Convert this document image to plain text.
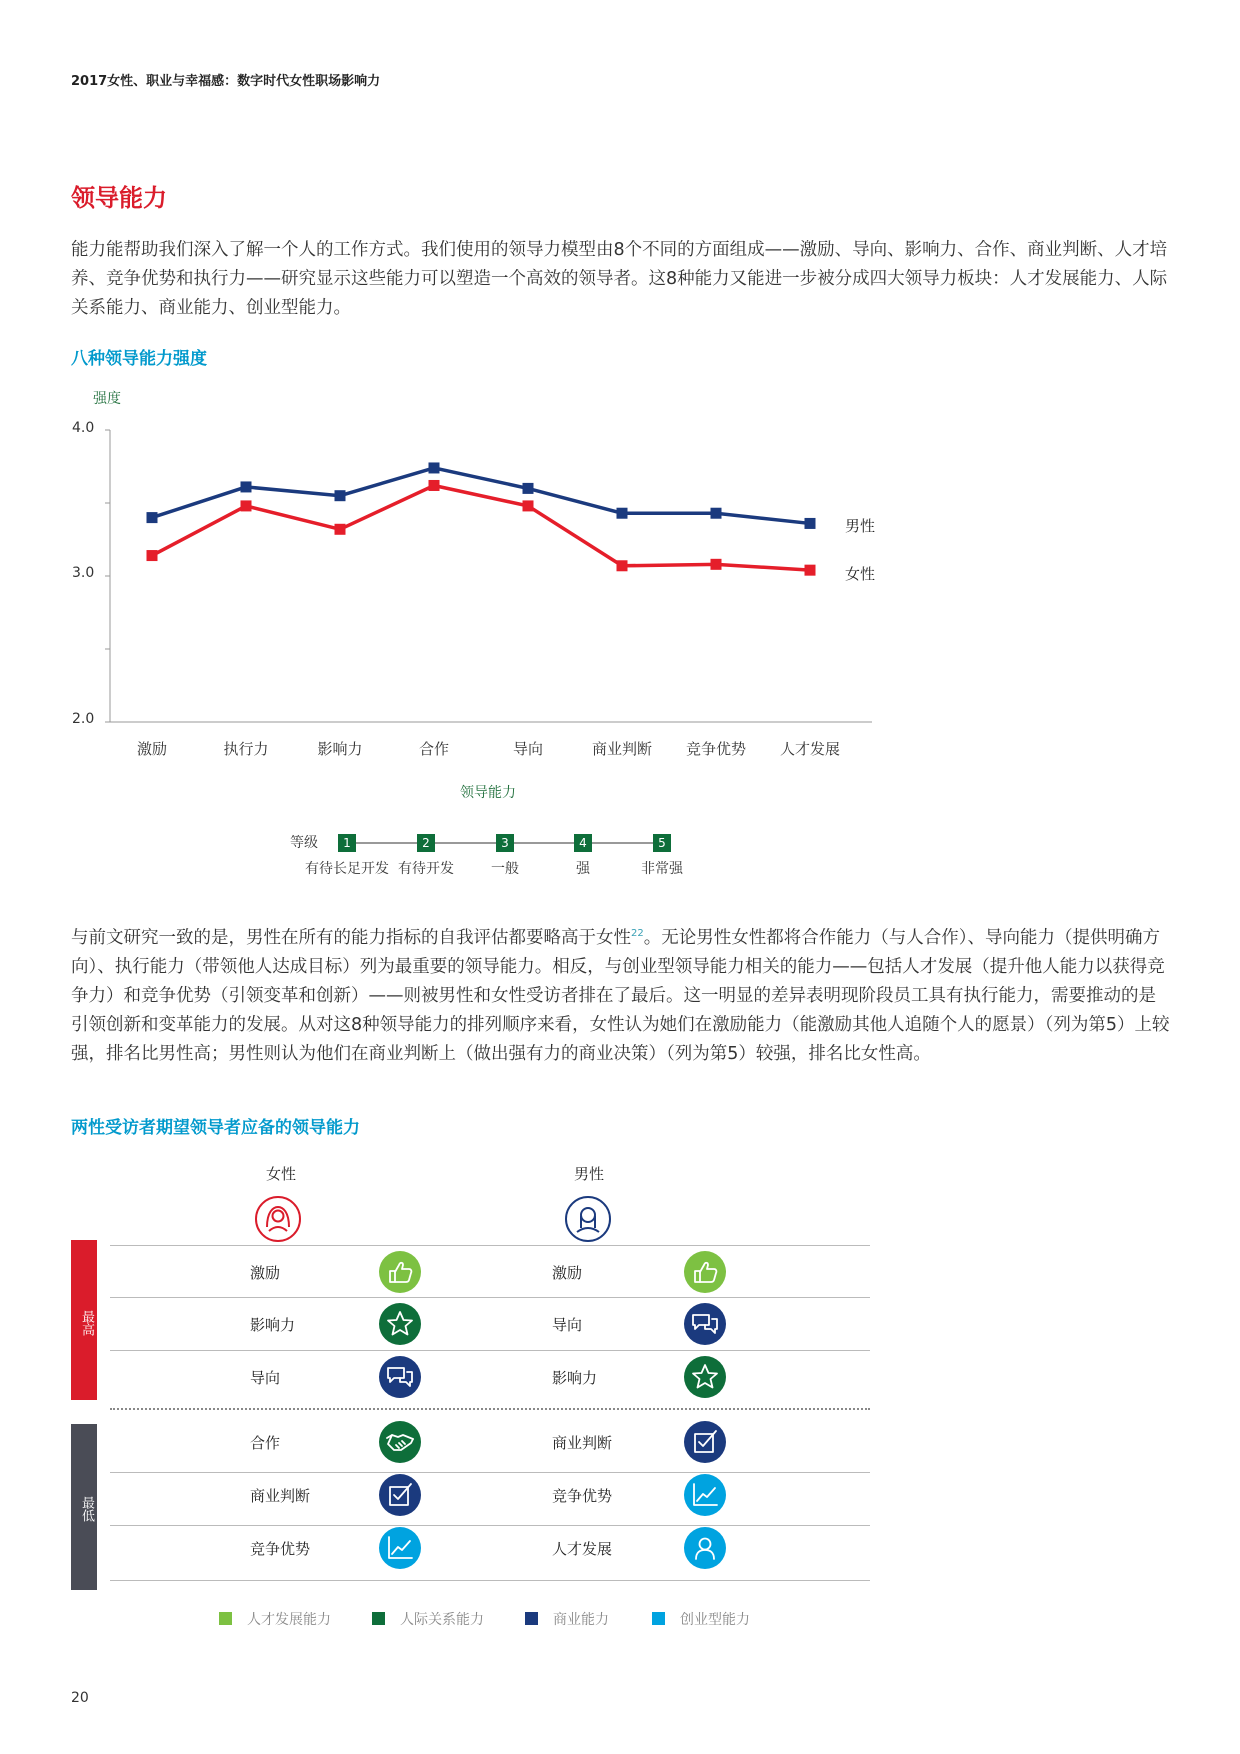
2017女性、职业与幸福感：数字时代女性职场影响力
领导能力
能力能帮助我们深入了解一个人的工作方式。我们使用的领导力模型由8个不同的方面组成——激励、导向、影响力、合作、商业判断、人才培养、竞争优势和执行力——研究显示这些能力可以塑造一个高效的领导者。这8种能力又能进一步被分成四大领导力板块：人才发展能力、人际关系能力、商业能力、创业型能力。
八种领导能力强度
强度
4.0
3.0
2.0
激励	执行力	影响力	合作	导向	商业判断	竞争优势	人才发展
领导能力
男性
女性
等级	1
有待长足开发
2
有待开发
3
一般
4
强
5
非常强
与前文研究一致的是，男性在所有的能力指标的自我评估都要略高于女性$^{22}$。无论男性女性都将合作能力（与人合作）、导向能力（提供明确方向）、执行能力（带领他人达成目标）列为最重要的领导能力。相反，与创业型领导能力相关的能力——包括人才发展（提升他人能力以获得竞争力）和竞争优势（引领变革和创新）——则被男性和女性受访者排在了最后。这一明显的差异表明现阶段员工具有执行能力，需要推动的是引领创新和变革能力的发展。从对这8种领导能力的排列顺序来看，女性认为她们在激励能力（能激励其他人追随个人的愿景）（列为第5）上较强，排名比男性高；男性则认为他们在商业判断上（做出强有力的商业决策）（列为第5）较强，排名比女性高。
两性受访者期望领导者应备的领导能力
女性	男性
最高
最低
激励	激励
影响力	导向
导向	影响力
合作	商业判断
商业判断	竞争优势
竞争优势	人才发展
人才发展能力	人际关系能力	商业能力	创业型能力
20
